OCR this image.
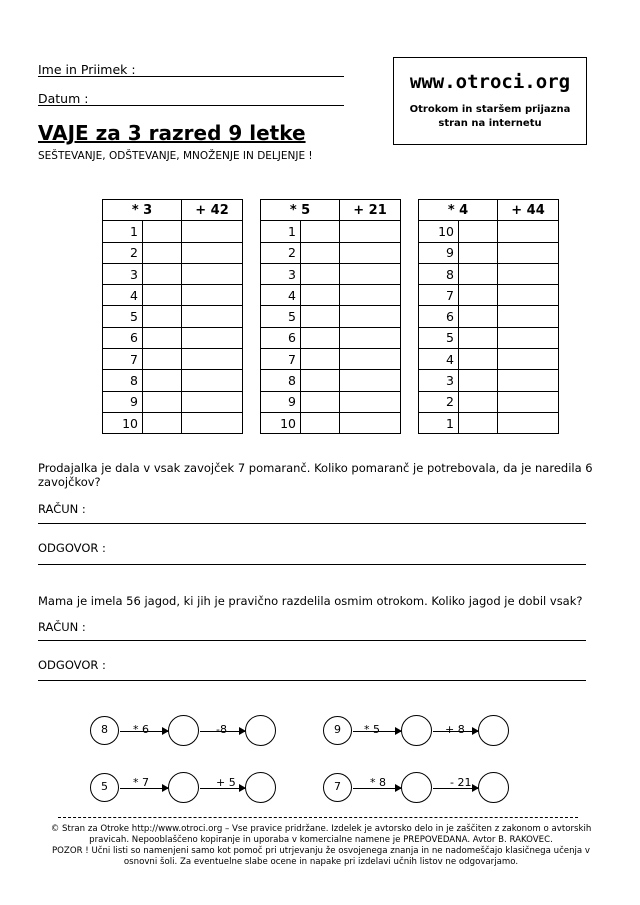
Ime in Priimek :
Datum :
www.otroci.org
Otrokom in staršem prijazna
stran na internetu
VAJE za 3 razred 9 letke
SEŠTEVANJE, ODŠTEVANJE, MNOŽENJE IN DELJENJE !
* 3		+ 42
1		
2		
3		
4		
5		
6		
7		
8		
9		
10		
* 5		+ 21
1		
2		
3		
4		
5		
6		
7		
8		
9		
10		
* 4		+ 44
10		
9		
8		
7		
6		
5		
4		
3		
2		
1		
Prodajalka je dala v vsak zavojček 7 pomaranč. Koliko pomaranč je potrebovala, da je naredila 6 zavojčkov?
RAČUN :
ODGOVOR :
Mama je imela 56 jagod, ki jih je pravično razdelila osmim otrokom. Koliko jagod je dobil vsak?
RAČUN :
ODGOVOR :
8	* 6	-8	9	* 5	+ 8
5	* 7	+ 5	7	* 8	- 21
© Stran za Otroke http://www.otroci.org – Vse pravice pridržane. Izdelek je avtorsko delo in je zaščiten z zakonom o avtorskih
pravicah. Nepooblaščeno kopiranje in uporaba v komercialne namene je PREPOVEDANA. Avtor B. RAKOVEC.
POZOR ! Učni listi so namenjeni samo kot pomoč pri utrjevanju že osvojenega znanja in ne nadomeščajo klasičnega učenja v
osnovni šoli. Za eventuelne slabe ocene in napake pri izdelavi učnih listov ne odgovarjamo.
